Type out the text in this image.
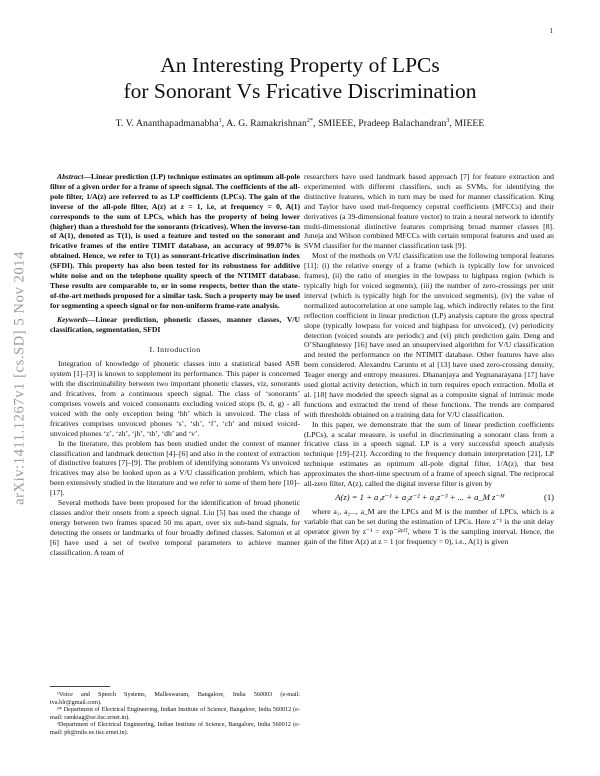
1
arXiv:1411.1267v1 [cs.SD] 5 Nov 2014
An Interesting Property of LPCs
for Sonorant Vs Fricative Discrimination
T. V. Ananthapadmanabha$^1$, A. G. Ramakrishnan$^{2*}$, SMIEEE, Pradeep Balachandran$^3$, MIEEE

Abstract—Linear prediction (LP) technique estimates an optimum all-pole filter of a given order for a frame of speech signal. The coefficients of the all-pole filter, 1/A(z) are referred to as LP coefficients (LPCs). The gain of the inverse of the all-pole filter, A(z) at z = 1, i.e, at frequency = 0, A(1) corresponds to the sum of LPCs, which has the property of being lower (higher) than a threshold for the sonorants (fricatives). When the inverse-tan of A(1), denoted as T(1), is used a feature and tested on the sonorant and fricative frames of the entire TIMIT database, an accuracy of 99.07% is obtained. Hence, we refer to T(1) as sonorant-fricative discrimination index (SFDI). This property has also been tested for its robustness for additive white noise and on the telephone quality speech of the NTIMIT database. These results are comparable to, or in some respects, better than the state-of-the-art methods proposed for a similar task. Such a property may be used for segmenting a speech signal or for non-uniform frame-rate analysis.

Keywords—Linear prediction, phonetic classes, manner classes, V/U classification, segmentation, SFDI

I. Introduction

Integration of knowledge of phonetic classes into a statistical based ASR system [1]–[3] is known to supplement its performance. This paper is concerned with the discriminability between two important phonetic classes, viz, sonorants and fricatives, from a continuous speech signal. The class of ‘sonorants’ comprises vowels and voiced consonants excluding voiced stops (b, d, g) - all voiced with the only exception being ‘hh’ which is unvoiced. The class of fricatives comprises unvoiced phones ‘s’, ‘sh’, ‘f’, ‘ch’ and mixed voiced-unvoiced phones ‘z’, ‘zh’, ‘jh’, ‘th’, ‘dh’ and ‘v’.

In the literature, this problem has been studied under the context of manner classification and landmark detection [4]–[6] and also in the context of extraction of distinctive features [7]–[9]. The problem of identifying sonorants Vs unvoiced fricatives may also be looked upon as a V/U classification problem, which has been extensively studied in the literature and we refer to some of them here [10]–[17].

Several methods have been proposed for the identification of broad phonetic classes and/or their onsets from a speech signal. Liu [5] has used the change of energy between two frames spaced 50 ms apart, over six sub-band signals, for detecting the onsets or landmarks of four broadly defined classes. Salomon et al [6] have used a set of twelve temporal parameters to achieve manner classification. A team of

¹Voice and Speech Systems, Malleswaram, Bangalore, India 560003 (e-mail: tva.blr@gmail.com).

²* Department of Electrical Engineering, Indian Institute of Science, Bangalore, India 560012 (e-mail: ramkiag@ee.iisc.ernet.in).

³Department of Electrical Engineering, Indian Institute of Science, Bangalore, India 560012 (e-mail: pb@mile.ee.iisc.ernet.in).

researchers have used landmark based approach [7] for feature extraction and experimented with different classifiers, such as SVMs, for identifying the distinctive features, which in turn may be used for manner classification. King and Taylor have used mel-frequency cepstral coefficients (MFCCs) and their derivatives (a 39-dimensional feature vector) to train a neural network to identify multi-dimensional distinctive features comprising broad manner classes [8]. Juneja and Wilson combined MFCCs with certain temporal features and used an SVM classifier for the manner classification task [9].

Most of the methods on V/U classification use the following temporal features [11]: (i) the relative energy of a frame (which is typically low for unvoiced frames), (ii) the ratio of energies in the lowpass to highpass region (which is typically high for voiced segments), (iii) the number of zero-crossings per unit interval (which is typically high for the unvoiced segments), (iv) the value of normalized autocorrelation at one sample lag, which indirectly relates to the first reflection coefficient in linear prediction (LP) analysis capture the gross spectral slope (typically lowpass for voiced and highpass for unvoiced), (v) periodicity detection (voiced sounds are periodic) and (vi) pitch prediction gain. Deng and O’Shaughnessy [16] have used an unsupervised algorithm for V/U classification and tested the performance on the NTIMIT database. Other features have also been considered. Alexandru Caruntu et al [13] have used zero-crossing density, Teager energy and entropy measures. Dhananjaya and Yegnanarayana [17] have used glottal activity detection, which in turn requires epoch extraction. Molla et al. [18] have modeled the speech signal as a composite signal of intrinsic mode functions and extracted the trend of these functions. The trends are compared with thresholds obtained on a training data for V/U classification.

In this paper, we demonstrate that the sum of linear prediction coefficients (LPCs), a scalar measure, is useful in discriminating a sonorant class from a fricative class in a speech signal. LP is a very successful speech analysis technique [19]–[21]. According to the frequency domain interpretation [21], LP technique estimates an optimum all-pole digital filter, 1/A(z), that best approximates the short-time spectrum of a frame of speech signal. The reciprocal all-zero filter, A(z), called the digital inverse filter is given by

A(z) = 1 + a₁z⁻¹ + a₂z⁻² + a₃z⁻³ + ... + a_M z⁻ᴹ	(1)

where a₁, a₂..., a_M are the LPCs and M is the number of LPCs, which is a variable that can be set during the estimation of LPCs. Here z⁻¹ is the unit delay operator given by z⁻¹ = exp⁻ʲ²ᵖᶠᵀ, where T is the sampling interval. Hence, the gain of the filter A(z) at z = 1 (or frequency = 0), i.e., A(1) is given
